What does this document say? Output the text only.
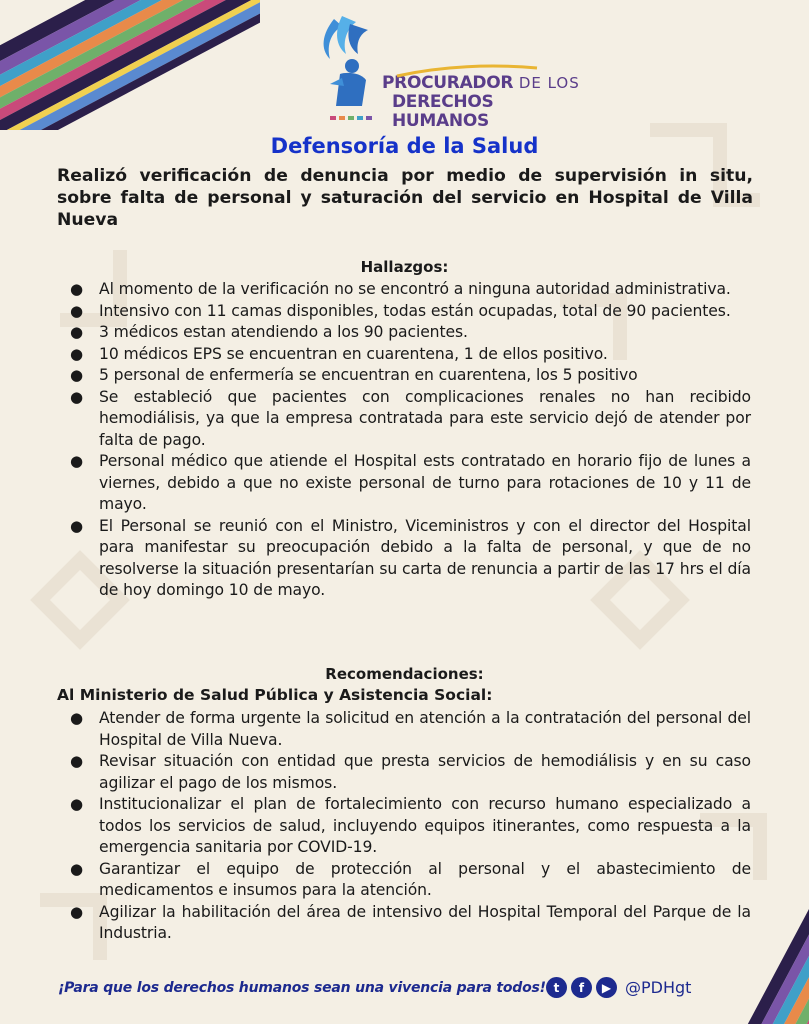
PROCURADOR DE LOS
DERECHOS HUMANOS
Defensoría de la Salud
Realizó verificación de denuncia por medio de supervisión in situ, sobre falta de personal y saturación del servicio en Hospital de Villa Nueva
Hallazgos:
● Al momento de la verificación no se encontró a ninguna autoridad administrativa.
● Intensivo con 11 camas disponibles, todas están ocupadas, total de 90 pacientes.
● 3 médicos estan atendiendo a los 90 pacientes.
● 10 médicos EPS se encuentran en cuarentena, 1 de ellos positivo.
● 5 personal de enfermería se encuentran en cuarentena, los 5 positivo
● Se estableció que pacientes con complicaciones renales no han recibido hemodiálisis, ya que la empresa contratada para este servicio dejó de atender por falta de pago.
● Personal médico que atiende el Hospital ests contratado en horario fijo de lunes a viernes, debido a que no existe personal de turno para rotaciones de 10 y 11 de mayo.
● El Personal se reunió con el Ministro, Viceministros y con el director del Hospital para manifestar su preocupación debido a la falta de personal, y que de no resolverse la situación presentarían su carta de renuncia a partir de las 17 hrs el día de hoy domingo 10 de mayo.
Recomendaciones:
Al Ministerio de Salud Pública y Asistencia Social:
● Atender de forma urgente la solicitud en atención a la contratación del personal del Hospital de Villa Nueva.
● Revisar situación con entidad que presta servicios de hemodiálisis y en su caso agilizar el pago de los mismos.
● Institucionalizar el plan de fortalecimiento con recurso humano especializado a todos los servicios de salud, incluyendo equipos itinerantes, como respuesta a la emergencia sanitaria por COVID-19.
● Garantizar el equipo de protección al personal y el abastecimiento de medicamentos e insumos para la atención.
● Agilizar la habilitación del área de intensivo del Hospital Temporal del Parque de la Industria.
¡Para que los derechos humanos sean una vivencia para todos! t	f	▶ @PDHgt
